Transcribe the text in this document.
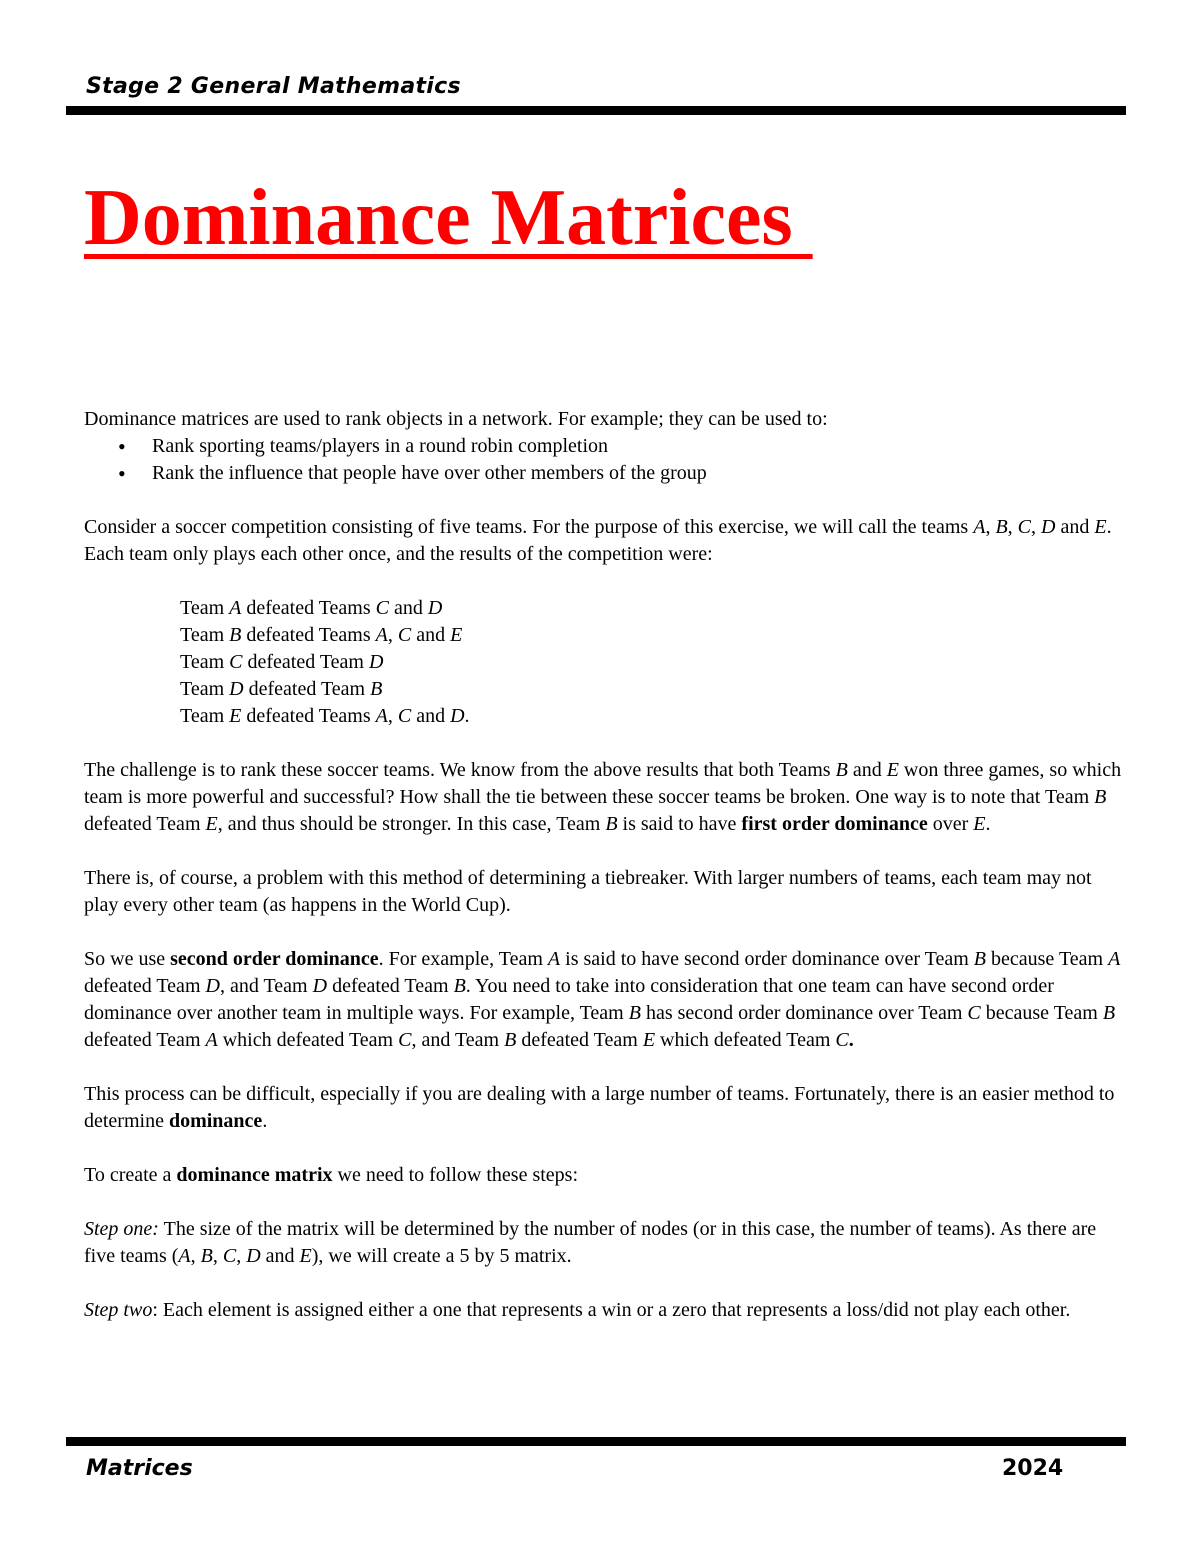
Stage 2 General Mathematics
Dominance Matrices

Dominance matrices are used to rank objects in a network. For example; they can be used to:

• Rank sporting teams/players in a round robin completion
• Rank the influence that people have over other members of the group

Consider a soccer competition consisting of five teams. For the purpose of this exercise, we will call the teams A, B, C, D and E. Each team only plays each other once, and the results of the competition were:

Team A defeated Teams C and D

Team B defeated Teams A, C and E

Team C defeated Team D

Team D defeated Team B

Team E defeated Teams A, C and D.

The challenge is to rank these soccer teams. We know from the above results that both Teams B and E won three games, so which team is more powerful and successful? How shall the tie between these soccer teams be broken. One way is to note that Team B defeated Team E, and thus should be stronger. In this case, Team B is said to have first order dominance over E.

There is, of course, a problem with this method of determining a tiebreaker. With larger numbers of teams, each team may not play every other team (as happens in the World Cup).

So we use second order dominance. For example, Team A is said to have second order dominance over Team B because Team A defeated Team D, and Team D defeated Team B. You need to take into consideration that one team can have second order dominance over another team in multiple ways. For example, Team B has second order dominance over Team C because Team B defeated Team A which defeated Team C, and Team B defeated Team E which defeated Team C.

This process can be difficult, especially if you are dealing with a large number of teams. Fortunately, there is an easier method to determine dominance.

To create a dominance matrix we need to follow these steps:

Step one: The size of the matrix will be determined by the number of nodes (or in this case, the number of teams). As there are five teams (A, B, C, D and E), we will create a 5 by 5 matrix.

Step two: Each element is assigned either a one that represents a win or a zero that represents a loss/did not play each other.

1
Matrices	2024
